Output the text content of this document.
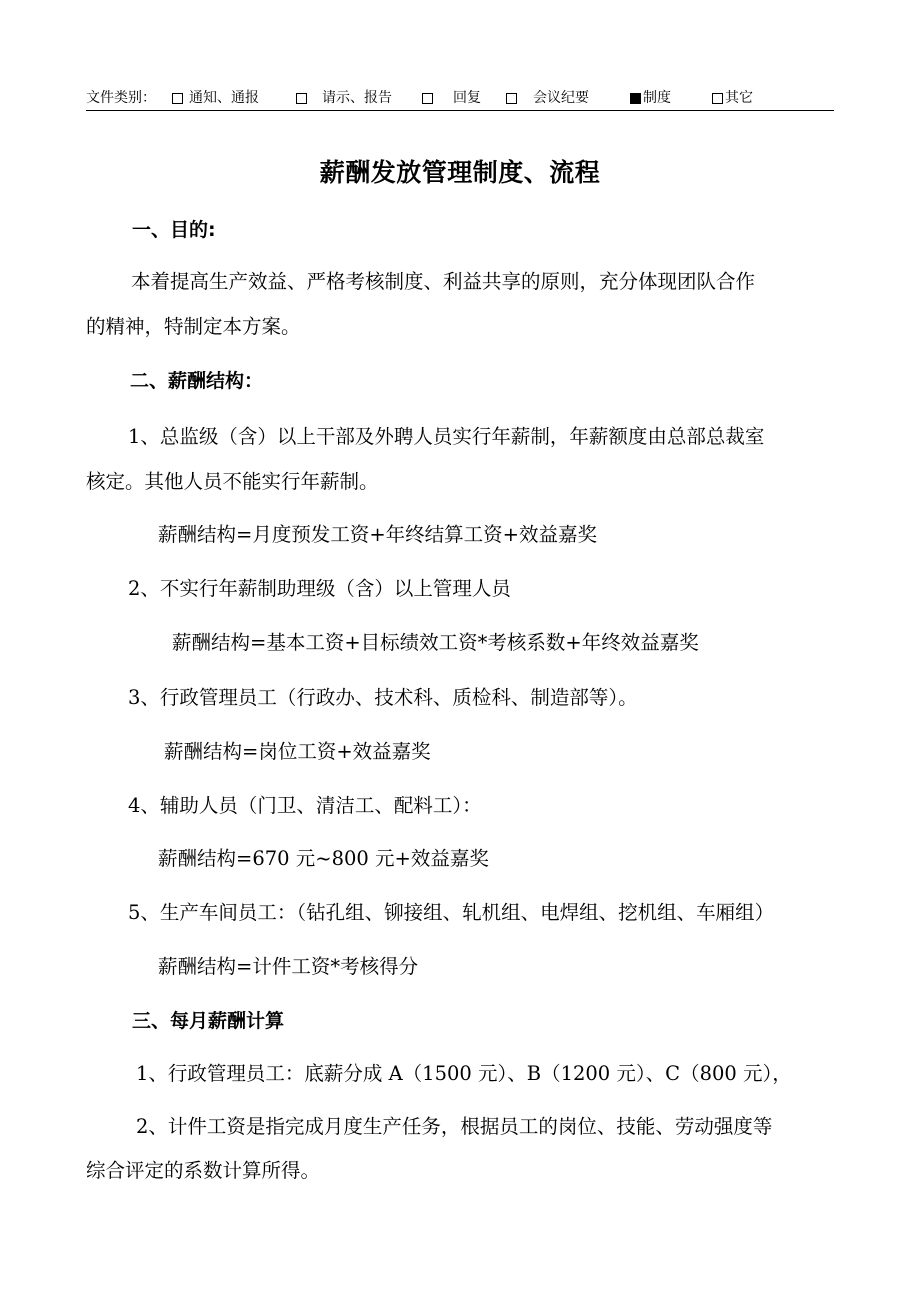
文件类别： 通知、通报	请示、报告	回复	会议纪要	制度	其它
薪酬发放管理制度、流程
一、目的:
本着提高生产效益、严格考核制度、利益共享的原则，充分体现团队合作
的精神，特制定本方案。
二、薪酬结构：
1、总监级（含）以上干部及外聘人员实行年薪制，年薪额度由总部总裁室
核定。其他人员不能实行年薪制。
薪酬结构=月度预发工资+年终结算工资+效益嘉奖
2、不实行年薪制助理级（含）以上管理人员
薪酬结构=基本工资+目标绩效工资*考核系数+年终效益嘉奖
3、行政管理员工（行政办、技术科、质检科、制造部等）。
薪酬结构=岗位工资+效益嘉奖
4、辅助人员（门卫、清洁工、配料工）：
薪酬结构=670 元~800 元+效益嘉奖
5、生产车间员工：（钻孔组、铆接组、轧机组、电焊组、挖机组、车厢组）
薪酬结构=计件工资*考核得分
三、每月薪酬计算
1、行政管理员工：底薪分成 A（1500 元）、B（1200 元）、C（800 元），
2、计件工资是指完成月度生产任务，根据员工的岗位、技能、劳动强度等
综合评定的系数计算所得。
